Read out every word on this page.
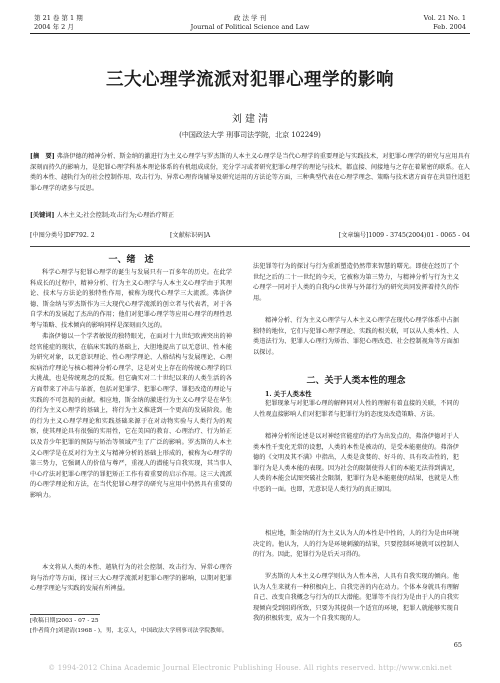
第 21 卷 第 1 期
2004 年 2 月
政 法 学 刊
Journal of Political Science and Law
Vol. 21 No. 1
Feb. 2004
三大心理学流派对犯罪心理学的影响
刘 建 清
(中国政法大学 刑事司法学院，北京 102249)
[摘　要] 弗洛伊德的精神分析、斯金纳的激进行为主义心理学与罗杰斯的人本主义心理学是当代心理学的重要理论与实践技术，对犯罪心理学的研究与应用具有深刻而持久的影响力，是犯罪心理学科基本理论体系的有机组成成份，充分学习或者研究犯罪心理学的理论与技术，都直接、间接地与之存在着紧密的联系。在人类的本性、越轨行为的社会控制作用、攻击行为、异常心理咨询辅导及研究运用的方法论等方面，三种典型代表在心理学理念、策略与技术诸方面存在共显往返犯罪心理学的诸多与反思。
[关键词] 人本主义;社会控制;攻击行为;心理治疗辩正
[中图分类号]DF792. 2	[文献标识码]A	[文章编号]1009 - 3745(2004)01 - 0065 - 04
一、绪　述
科学心理学与犯罪心理学的诞生与发展只有一百多年的历史。在此学科成长的过程中，精神分析、行为主义心理学与人本主义心理学由于其理论、技术与方法论的独特性作用，被称为现代心理学三大流派。弗洛伊德、斯金纳与罗杰斯作为三大现代心理学流派的创立者与代表者，对于各自学术的发展起了杰出的作用；他们对犯罪心理学等应用心理学的理性思考与策略、技术倾向的影响同样是深刻而久远的。
弗洛伊德以一个学者敏锐的独特眼光，在面对十九世纪欧洲突出的神经官能症的现状，在临床实践的基础上，大胆地提出了以无意识、性本能为研究对象，以无意识理论、性心理学理论、人格结构与发展理论、心理疾病治疗理论与核心精神分析心理学，这是对史上存在的传统心理学的巨大挑战，也是传统观念的反叛。但它确实对二十世纪以来的人类生活的各方面带来了冲击与革新，包括对犯罪学、犯罪心理学、罪犯改造的理论与实践的不可忽视的贡献。相应地，斯金纳的激进行为主义心理学是在华生的行为主义心理学的基础上，将行为主义推进到一个更高的发展阶段。他的行为主义心理学理论和实践基础来源于在对动物实验与人类行为的观察，使其理论具有很强的实用性，它在美国的教育、心理治疗、行为矫正以及青少年犯罪的预防与矫治等领域产生了广泛的影响。罗杰斯的人本主义心理学是在反对行为主义与精神分析的基础上形成的，被称为心理学的第三势力，它强调人的价值与尊严，重视人的潜能与自我实现，其当事人中心疗法对犯罪心理学的罪犯矫正工作有着重要的启示作用。这三大流派的心理学理论和方法，在当代犯罪心理学的研究与应用中仍然具有重要的影响力。
本文将从人类的本性、越轨行为的社会控制、攻击行为、异常心理咨询与治疗等方面，探讨三大心理学流派对犯罪心理学的影响，以期对犯罪心理学理论与实践的发展有所裨益。
法犯罪等行为的探讨与行为重新塑造仍然带来智慧的曙光。即使在经历了个世纪之后的二十一世纪的今天，它被称为第三势力，与精神分析与行为主义心理学一同对于人类的自我内心世界与外部行为的研究共同发挥着持久的作用。
精神分析、行为主义心理学与人本主义心理学在现代心理学体系中占据独特的地位，它们与犯罪心理学理论、实践的相关联，可以从人类本性、人类违法行为、犯罪人心理行为矫治、罪犯心理改造、社会控制视角等方面加以探讨。
二、关于人类本性的理念
1. 关于人类本性
犯罪现象与对犯罪心理的解释同对人性的理解有着直接的关联，不同的人性观直接影响人们对犯罪者与犯罪行为的态度及改造策略、方法。
精神分析所论述是以对神经官能症的治疗为出发点的，弗洛伊德对于人类本性千变化无常的设想，人类的本性是被动的，是受本能驱使的。弗洛伊德的《文明及其不满》中指出，人类是贪婪的、好斗的、具有攻击性的，犯罪行为是人类本能的表现。因为社会的限制使得人们的本能无法得到满足，人类的本能会试图突破社会限制，犯罪行为是本能驱使的结果，也就是人性中恶的一面。也即，无意识是人类行为的真正原因。
相应地，斯金纳的行为主义认为人的本性是中性的，人的行为是由环境决定的。他认为，人的行为是环境刺激的结果，只要控制环境就可以控制人的行为。因此，犯罪行为是后天习得的。
罗杰斯的人本主义心理学则认为人性本善，人具有自我实现的倾向。他认为人生来就有一种积极向上、自我完善的内在动力。个体本身就具有理解自己、改变自我概念与行为的巨大潜能。犯罪等不良行为是由于人的自我实现倾向受到阻碍所致，只要为其提供一个适宜的环境，犯罪人就能够实现自我的积极转变，成为一个自我实现的人。
[收稿日期]2003 - 07 - 25
[作者简介]刘建清(1968 - )，男，北京人，中国政法大学刑事司法学院教师。
65
© 1994-2012 China Academic Journal Electronic Publishing House. All rights reserved. http://www.cnki.net
